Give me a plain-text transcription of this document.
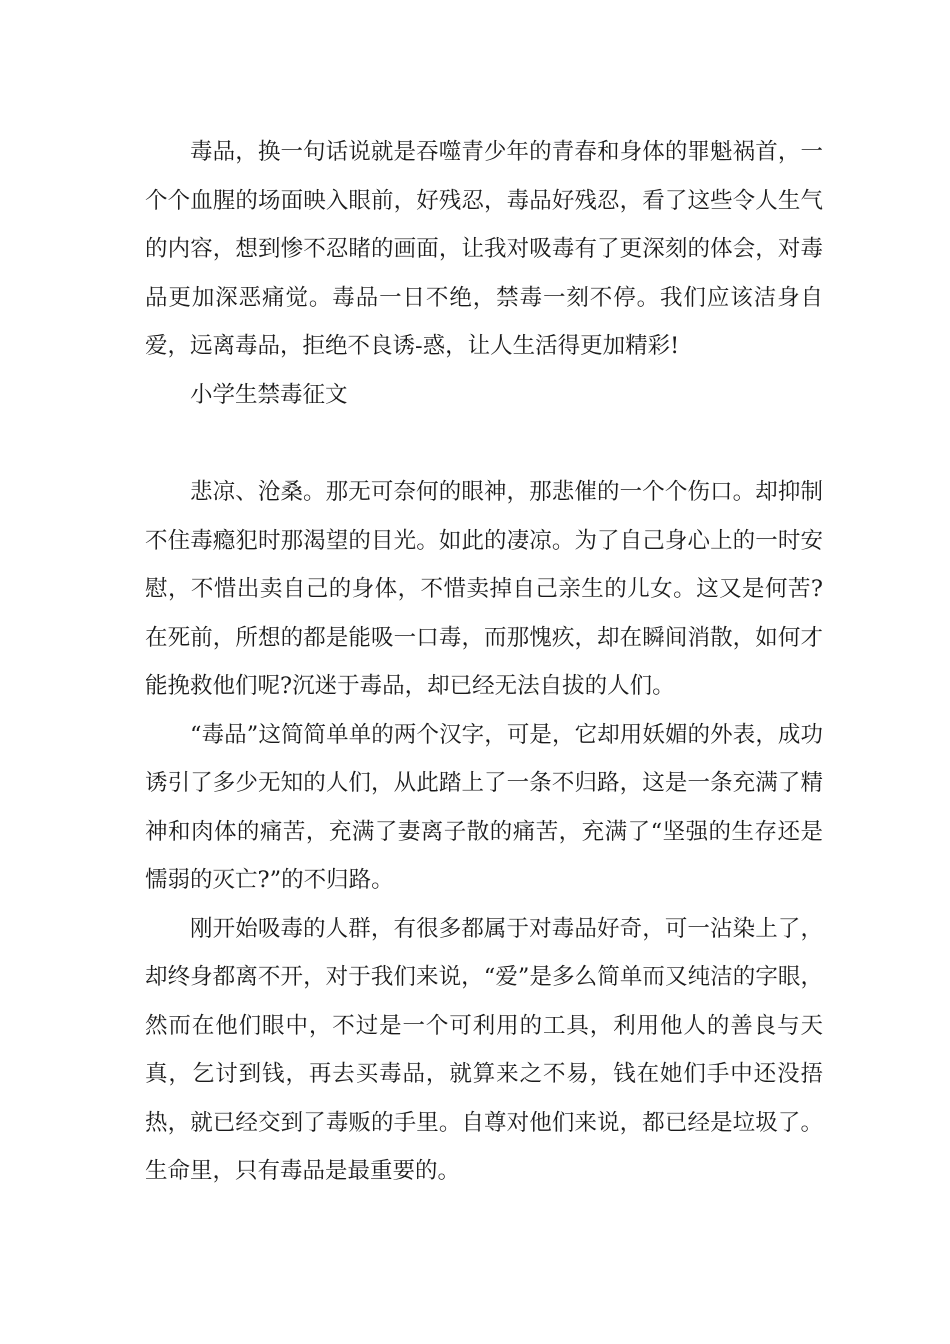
毒品，换一句话说就是吞噬青少年的青春和身体的罪魁祸首，一个个血腥的场面映入眼前，好残忍，毒品好残忍，看了这些令人生气的内容，想到惨不忍睹的画面，让我对吸毒有了更深刻的体会，对毒品更加深恶痛觉。毒品一日不绝，禁毒一刻不停。我们应该洁身自爱，远离毒品，拒绝不良诱-惑，让人生活得更加精彩!

小学生禁毒征文

悲凉、沧桑。那无可奈何的眼神，那悲催的一个个伤口。却抑制不住毒瘾犯时那渴望的目光。如此的凄凉。为了自己身心上的一时安慰，不惜出卖自己的身体，不惜卖掉自己亲生的儿女。这又是何苦?在死前，所想的都是能吸一口毒，而那愧疚，却在瞬间消散，如何才能挽救他们呢?沉迷于毒品，却已经无法自拔的人们。

“毒品”这简简单单的两个汉字，可是，它却用妖媚的外表，成功诱引了多少无知的人们，从此踏上了一条不归路，这是一条充满了精神和肉体的痛苦，充满了妻离子散的痛苦，充满了“坚强的生存还是懦弱的灭亡?”的不归路。

刚开始吸毒的人群，有很多都属于对毒品好奇，可一沾染上了，却终身都离不开，对于我们来说，“爱”是多么简单而又纯洁的字眼，然而在他们眼中，不过是一个可利用的工具，利用他人的善良与天真，乞讨到钱，再去买毒品，就算来之不易，钱在她们手中还没捂热，就已经交到了毒贩的手里。自尊对他们来说，都已经是垃圾了。生命里，只有毒品是最重要的。
